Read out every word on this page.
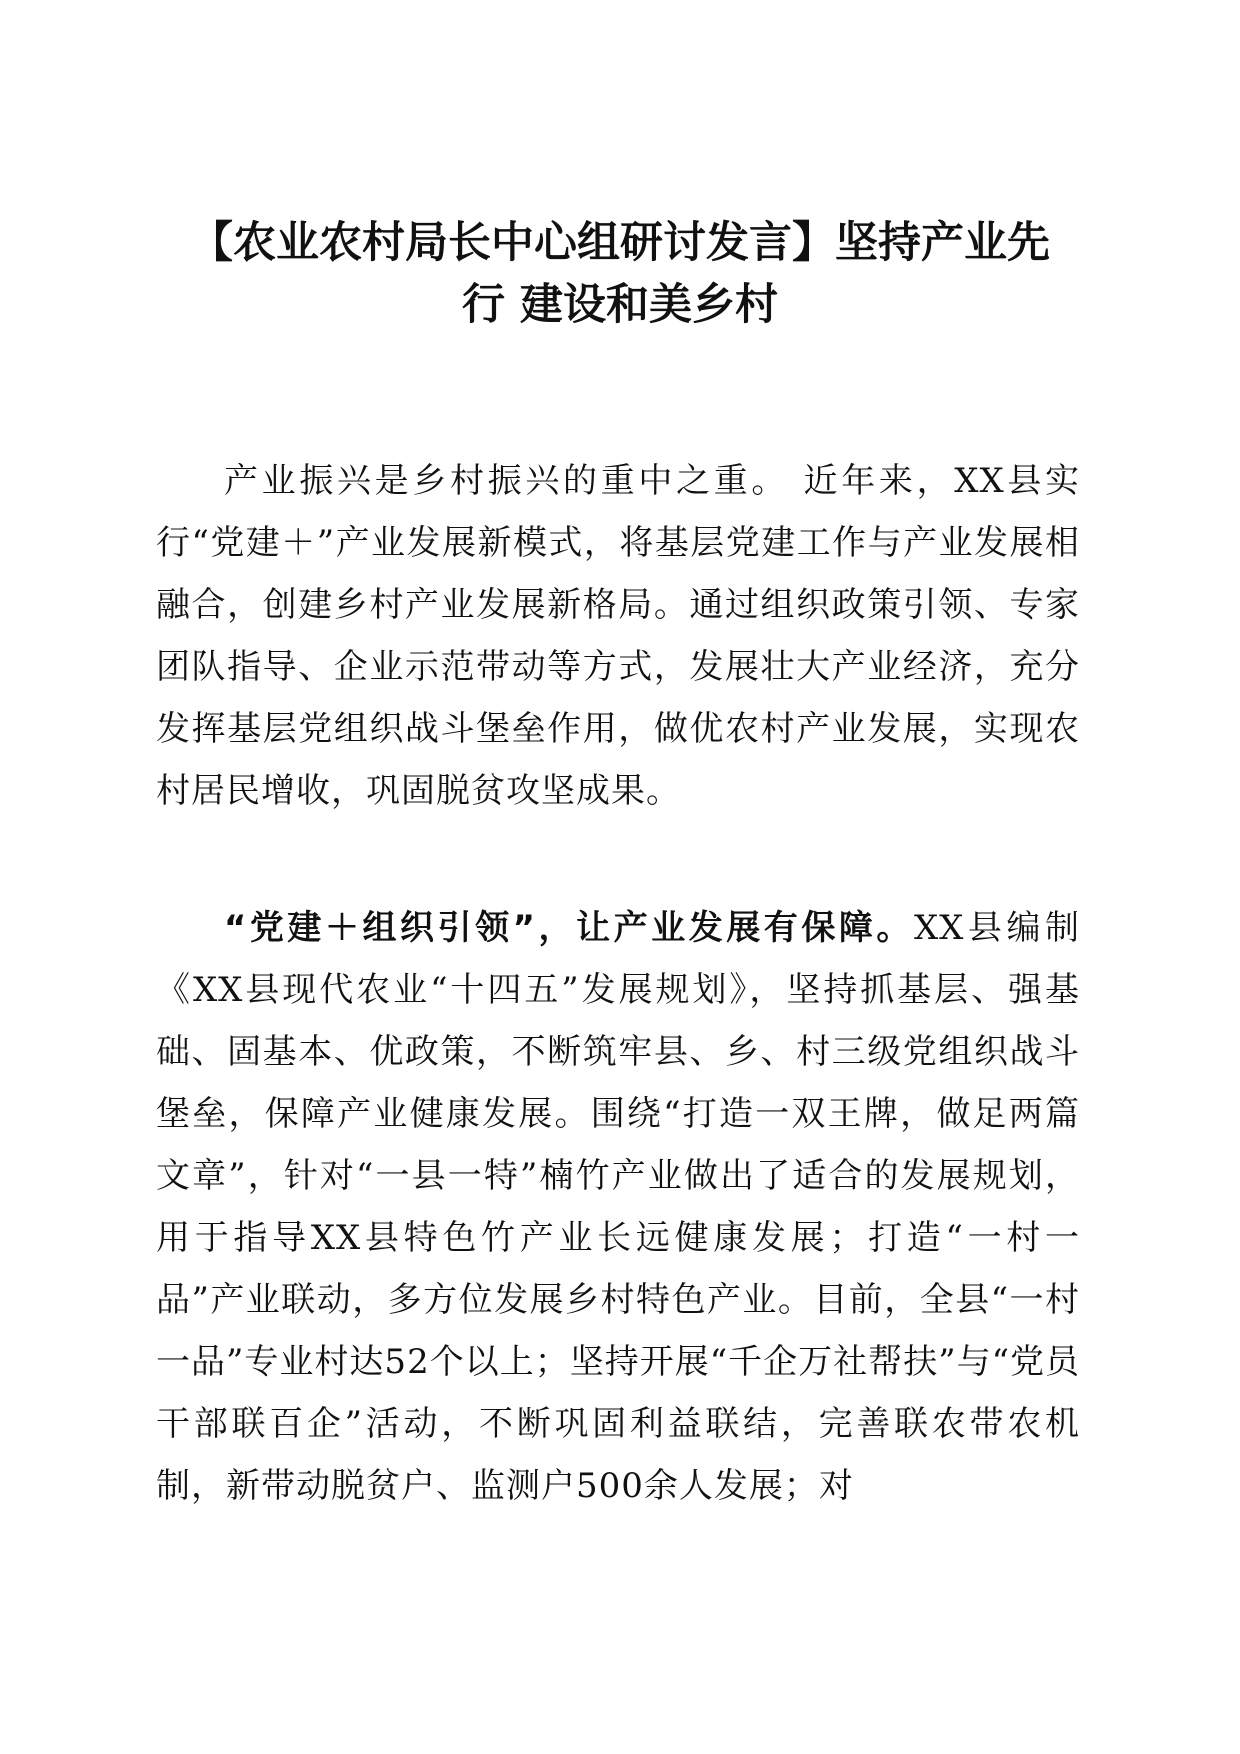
【农业农村局长中心组研讨发言】坚持产业先
行 建设和美乡村

产业振兴是乡村振兴的重中之重。 近年来，XX县实行“党建＋”产业发展新模式，将基层党建工作与产业发展相融合，创建乡村产业发展新格局。通过组织政策引领、专家团队指导、企业示范带动等方式，发展壮大产业经济，充分发挥基层党组织战斗堡垒作用，做优农村产业发展，实现农村居民增收，巩固脱贫攻坚成果。

“党建＋组织引领”，让产业发展有保障。XX县编制《XX县现代农业“十四五”发展规划》，坚持抓基层、强基础、固基本、优政策，不断筑牢县、乡、村三级党组织战斗堡垒，保障产业健康发展。围绕“打造一双王牌，做足两篇文章”，针对“一县一特”楠竹产业做出了适合的发展规划，用于指导XX县特色竹产业长远健康发展；打造“一村一品”产业联动，多方位发展乡村特色产业。目前，全县“一村一品”专业村达52个以上；坚持开展“千企万社帮扶”与“党员干部联百企”活动，不断巩固利益联结，完善联农带农机制，新带动脱贫户、监测户500余人发展；对
